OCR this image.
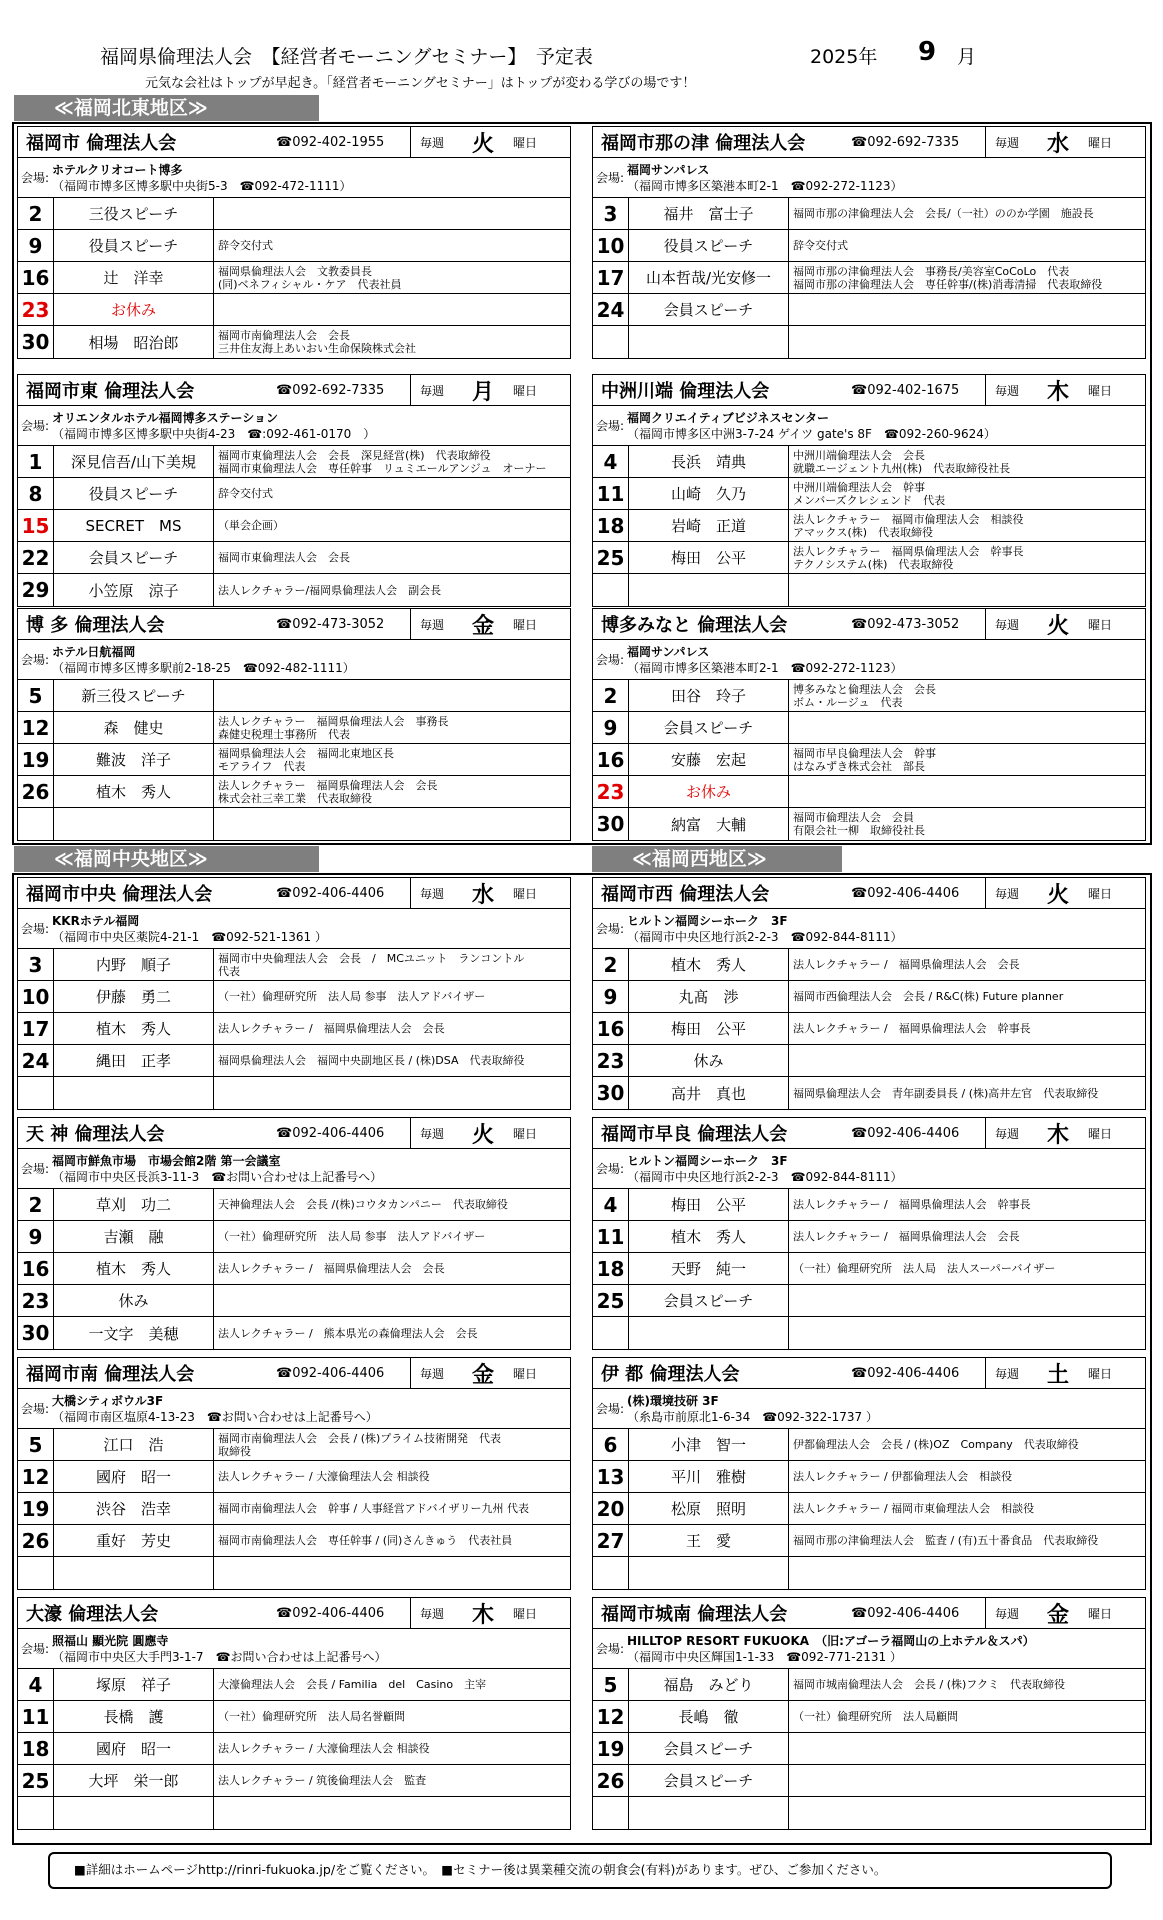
福岡県倫理法人会　【経営者モーニングセミナー】　予定表	2025年 9 月
元気な会社はトップが早起き。「経営者モーニングセミナー」はトップが変わる学びの場です！
≪福岡北東地区≫
≪福岡中央地区≫	≪福岡西地区≫
福岡市 倫理法人会	☎092-402-1955	毎週	火	曜日
会場:
ホテルクリオコート博多
（福岡市博多区博多駅中央街5-3　☎092-472-1111）
2	三役スピーチ
9	役員スピーチ	辞令交付式
16	辻　洋幸	福岡県倫理法人会　文教委員長
(同)ベネフィシャル・ケア　代表社員
23	お休み
30	相場　昭治郎	福岡市南倫理法人会　会長
三井住友海上あいおい生命保険株式会社
福岡市那の津 倫理法人会	☎092-692-7335	毎週	水	曜日
会場:
福岡サンパレス
（福岡市博多区築港本町2-1　☎092-272-1123）
3	福井　富士子	福岡市那の津倫理法人会　会長/（一社）ののか学園　施設長
10	役員スピーチ	辞令交付式
17	山本哲哉/光安修一	福岡市那の津倫理法人会　事務長/美容室CoCoLo　代表
福岡市那の津倫理法人会　専任幹事/(株)消毒清掃　代表取締役
24	会員スピーチ
福岡市東 倫理法人会	☎092-692-7335	毎週	月	曜日
会場:
オリエンタルホテル福岡博多ステーション
（福岡市博多区博多駅中央街4-23　☎:092-461-0170　）
1	深見信吾/山下美規	福岡市東倫理法人会　会長　深見経営(株)　代表取締役
福岡市東倫理法人会　専任幹事　リュミエールアンジュ　オーナー
8	役員スピーチ	辞令交付式
15	SECRET　MS	（単会企画）
22	会員スピーチ	福岡市東倫理法人会　会長
29	小笠原　涼子	法人レクチャラー/福岡県倫理法人会　副会長
中洲川端 倫理法人会	☎092-402-1675	毎週	木	曜日
会場:
福岡クリエイティブビジネスセンター
（福岡市博多区中洲3-7-24 ゲイツ gate's 8F　☎092-260-9624）
4	長浜　靖典	中洲川端倫理法人会　会長
就職エージェント九州(株)　代表取締役社長
11	山崎　久乃	中洲川端倫理法人会　幹事
メンバーズクレシェンド　代表
18	岩崎　正道	法人レクチャラー　福岡市倫理法人会　相談役
アマックス(株)　代表取締役
25	梅田　公平	法人レクチャラー　福岡県倫理法人会　幹事長
テクノシステム(株)　代表取締役
博 多 倫理法人会	☎092-473-3052	毎週	金	曜日
会場:
ホテル日航福岡
（福岡市博多区博多駅前2-18-25　☎092-482-1111）
5	新三役スピーチ
12	森　健史	法人レクチャラー　福岡県倫理法人会　事務長
森健史税理士事務所　代表
19	難波　洋子	福岡県倫理法人会　福岡北東地区長
モアライフ　代表
26	植木　秀人	法人レクチャラー　福岡県倫理法人会　会長
株式会社三幸工業　代表取締役
博多みなと 倫理法人会	☎092-473-3052	毎週	火	曜日
会場:
福岡サンパレス
（福岡市博多区築港本町2-1　☎092-272-1123）
2	田谷　玲子	博多みなと倫理法人会　会長
ボム・ルージュ　代表
9	会員スピーチ
16	安藤　宏起	福岡市早良倫理法人会　幹事
はなみずき株式会社　部長
23	お休み
30	納富　大輔	福岡市倫理法人会　会員
有限会社一柳　取締役社長
福岡市中央 倫理法人会	☎092-406-4406	毎週	水	曜日
会場:
KKRホテル福岡
（福岡市中央区薬院4-21-1　☎092-521-1361 ）
3	内野　順子	福岡市中央倫理法人会　会長　/　MCユニット　ランコントル
代表
10	伊藤　勇二	（一社）倫理研究所　法人局 参事　法人アドバイザー
17	植木　秀人	法人レクチャラー /　福岡県倫理法人会　会長
24	縄田　正孝	福岡県倫理法人会　福岡中央副地区長 / (株)DSA　代表取締役
福岡市西 倫理法人会	☎092-406-4406	毎週	火	曜日
会場:
ヒルトン福岡シーホーク　3F
（福岡市中央区地行浜2-2-3　☎092-844-8111）
2	植木　秀人	法人レクチャラー /　福岡県倫理法人会　会長
9	丸髙　渉	福岡市西倫理法人会　会長 / R&C(株) Future planner
16	梅田　公平	法人レクチャラー /　福岡県倫理法人会　幹事長
23	休み
30	高井　真也	福岡県倫理法人会　青年副委員長 / (株)高井左官　代表取締役
天 神 倫理法人会	☎092-406-4406	毎週	火	曜日
会場:
福岡市鮮魚市場　市場会館2階 第一会議室
（福岡市中央区長浜3-11-3　☎お問い合わせは上記番号へ）
2	草刈　功二	天神倫理法人会　会長 /(株)コウタカンパニー　代表取締役
9	吉瀬　融	（一社）倫理研究所　法人局 参事　法人アドバイザー
16	植木　秀人	法人レクチャラー /　福岡県倫理法人会　会長
23	休み
30	一文字　美穂	法人レクチャラー /　熊本県光の森倫理法人会　会長
福岡市早良 倫理法人会	☎092-406-4406	毎週	木	曜日
会場:
ヒルトン福岡シーホーク　3F
（福岡市中央区地行浜2-2-3　☎092-844-8111）
4	梅田　公平	法人レクチャラー /　福岡県倫理法人会　幹事長
11	植木　秀人	法人レクチャラー /　福岡県倫理法人会　会長
18	天野　純一	（一社）倫理研究所　法人局　法人スーパーバイザー
25	会員スピーチ
福岡市南 倫理法人会	☎092-406-4406	毎週	金	曜日
会場:
大橋シティボウル3F
（福岡市南区塩原4-13-23　☎お問い合わせは上記番号へ）
5	江口　浩	福岡市南倫理法人会　会長 / (株)プライム技術開発　代表
取締役
12	國府　昭一	法人レクチャラー / 大濠倫理法人会 相談役
19	渋谷　浩幸	福岡市南倫理法人会　幹事 / 人事経営アドバイザリー九州 代表
26	重好　芳史	福岡市南倫理法人会　専任幹事 / (同)さんきゅう　代表社員
伊 都 倫理法人会	☎092-406-4406	毎週	土	曜日
会場:
(株)環境技研 3F
（糸島市前原北1-6-34　☎092-322-1737 ）
6	小津　智一	伊都倫理法人会　会長 / (株)OZ　Company　代表取締役
13	平川　雅樹	法人レクチャラー / 伊都倫理法人会　相談役
20	松原　照明	法人レクチャラー / 福岡市東倫理法人会　相談役
27	王　愛	福岡市那の津倫理法人会　監査 / (有)五十番食品　代表取締役
大濠 倫理法人会	☎092-406-4406	毎週	木	曜日
会場:
照福山 顯光院 圓應寺
（福岡市中央区大手門3-1-7　☎お問い合わせは上記番号へ）
4	塚原　祥子	大濠倫理法人会　会長 / Familia　del　Casino　主宰
11	長橋　護	（一社）倫理研究所　法人局名誉顧問
18	國府　昭一	法人レクチャラー / 大濠倫理法人会 相談役
25	大坪　栄一郎	法人レクチャラー / 筑後倫理法人会　監査
福岡市城南 倫理法人会	☎092-406-4406	毎週	金	曜日
会場:
HILLTOP RESORT FUKUOKA　（旧:アゴーラ福岡山の上ホテル＆スパ）
（福岡市中央区輝国1-1-33　☎092-771-2131 ）
5	福島　みどり	福岡市城南倫理法人会　会長 / (株)フクミ　代表取締役
12	長嶋　徹	（一社）倫理研究所　法人局顧問
19	会員スピーチ
26	会員スピーチ
■詳細はホームページhttp://rinri-fukuoka.jp/をご覧ください。　■セミナー後は異業種交流の朝食会(有料)があります。ぜひ、ご参加ください。
